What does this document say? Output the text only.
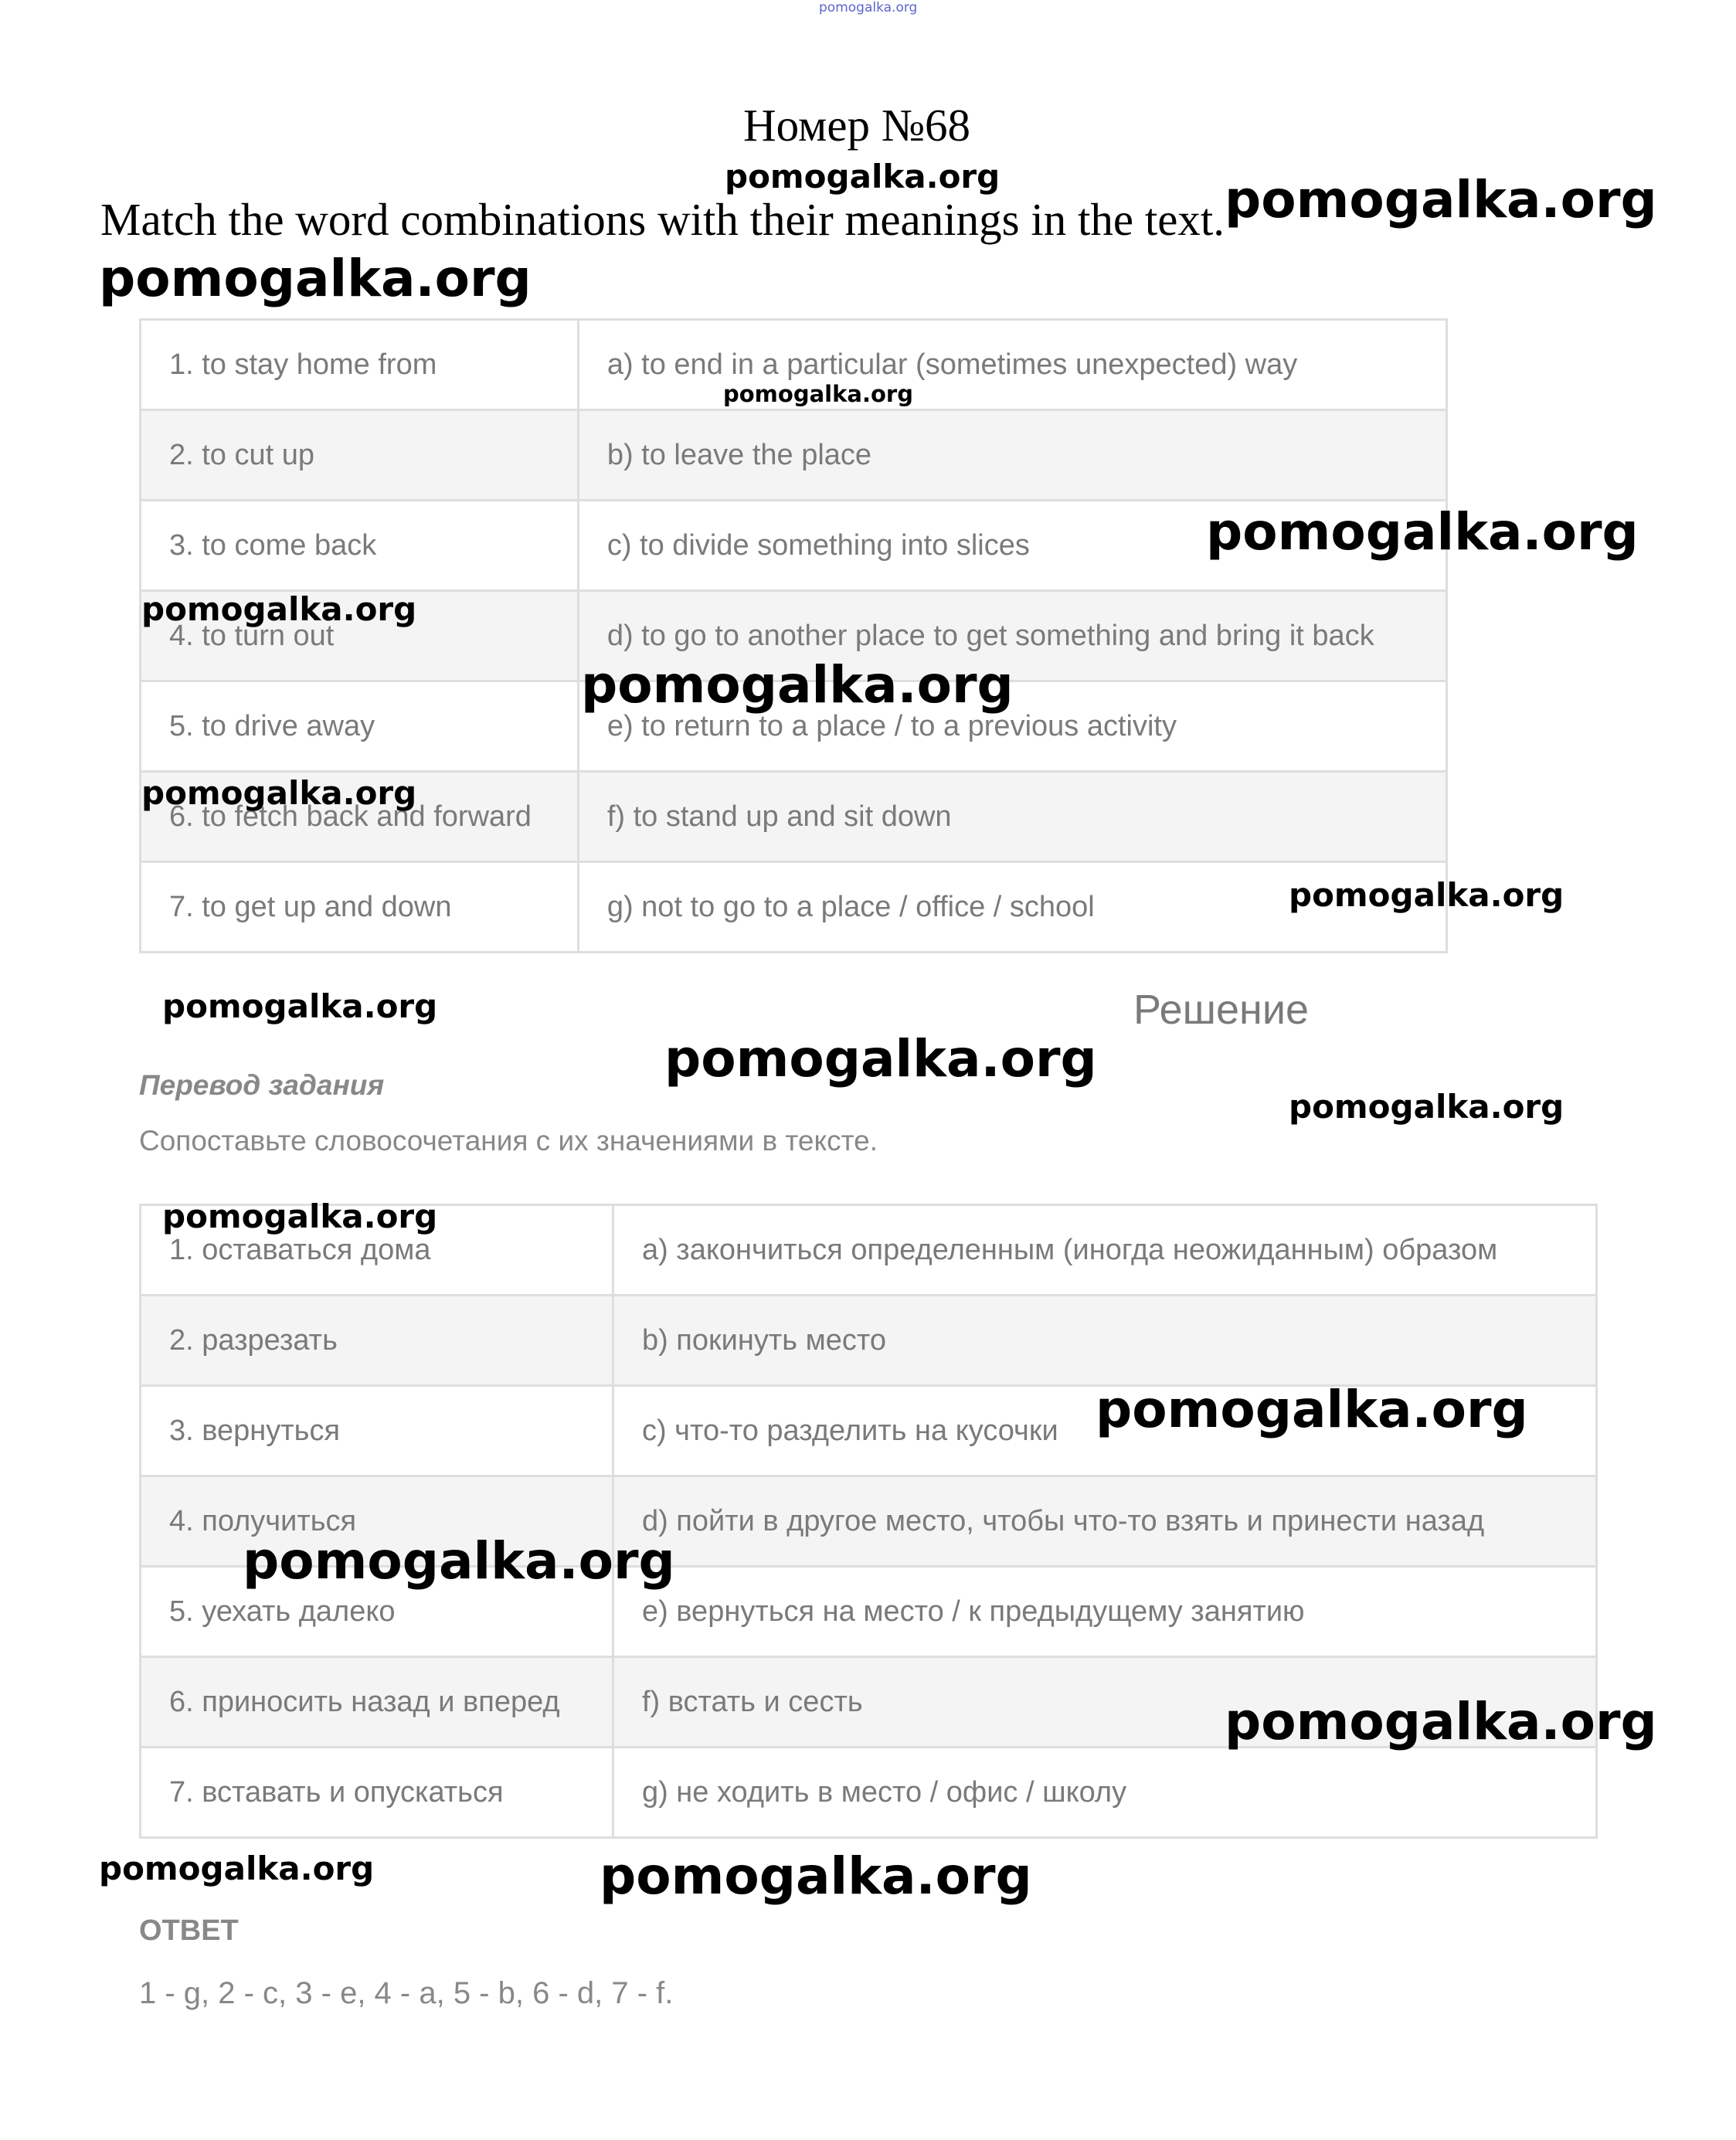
pomogalka.org
Номер №68
Match the word combinations with their meanings in the text.
1. to stay home from	a) to end in a particular (sometimes unexpected) way
2. to cut up	b) to leave the place
3. to come back	c) to divide something into slices
4. to turn out	d) to go to another place to get something and bring it back
5. to drive away	e) to return to a place / to a previous activity
6. to fetch back and forward	f) to stand up and sit down
7. to get up and down	g) not to go to a place / office / school
Решение
Перевод задания
Сопоставьте словосочетания с их значениями в тексте.
1. оставаться дома	a) закончиться определенным (иногда неожиданным) образом
2. разрезать	b) покинуть место
3. вернуться	c) что-то разделить на кусочки
4. получиться	d) пойти в другое место, чтобы что-то взять и принести назад
5. уехать далеко	e) вернуться на место / к предыдущему занятию
6. приносить назад и вперед	f) встать и сесть
7. вставать и опускаться	g) не ходить в место / офис / школу
ОТВЕТ
1 - g, 2 - c, 3 - e, 4 - a, 5 - b, 6 - d, 7 - f.
pomogalka.org	pomogalka.org
pomogalka.org
pomogalka.org
pomogalka.org
pomogalka.org
pomogalka.org
pomogalka.org
pomogalka.org
pomogalka.org
pomogalka.org
pomogalka.org
pomogalka.org
pomogalka.org
pomogalka.org
pomogalka.org
pomogalka.org	pomogalka.org
